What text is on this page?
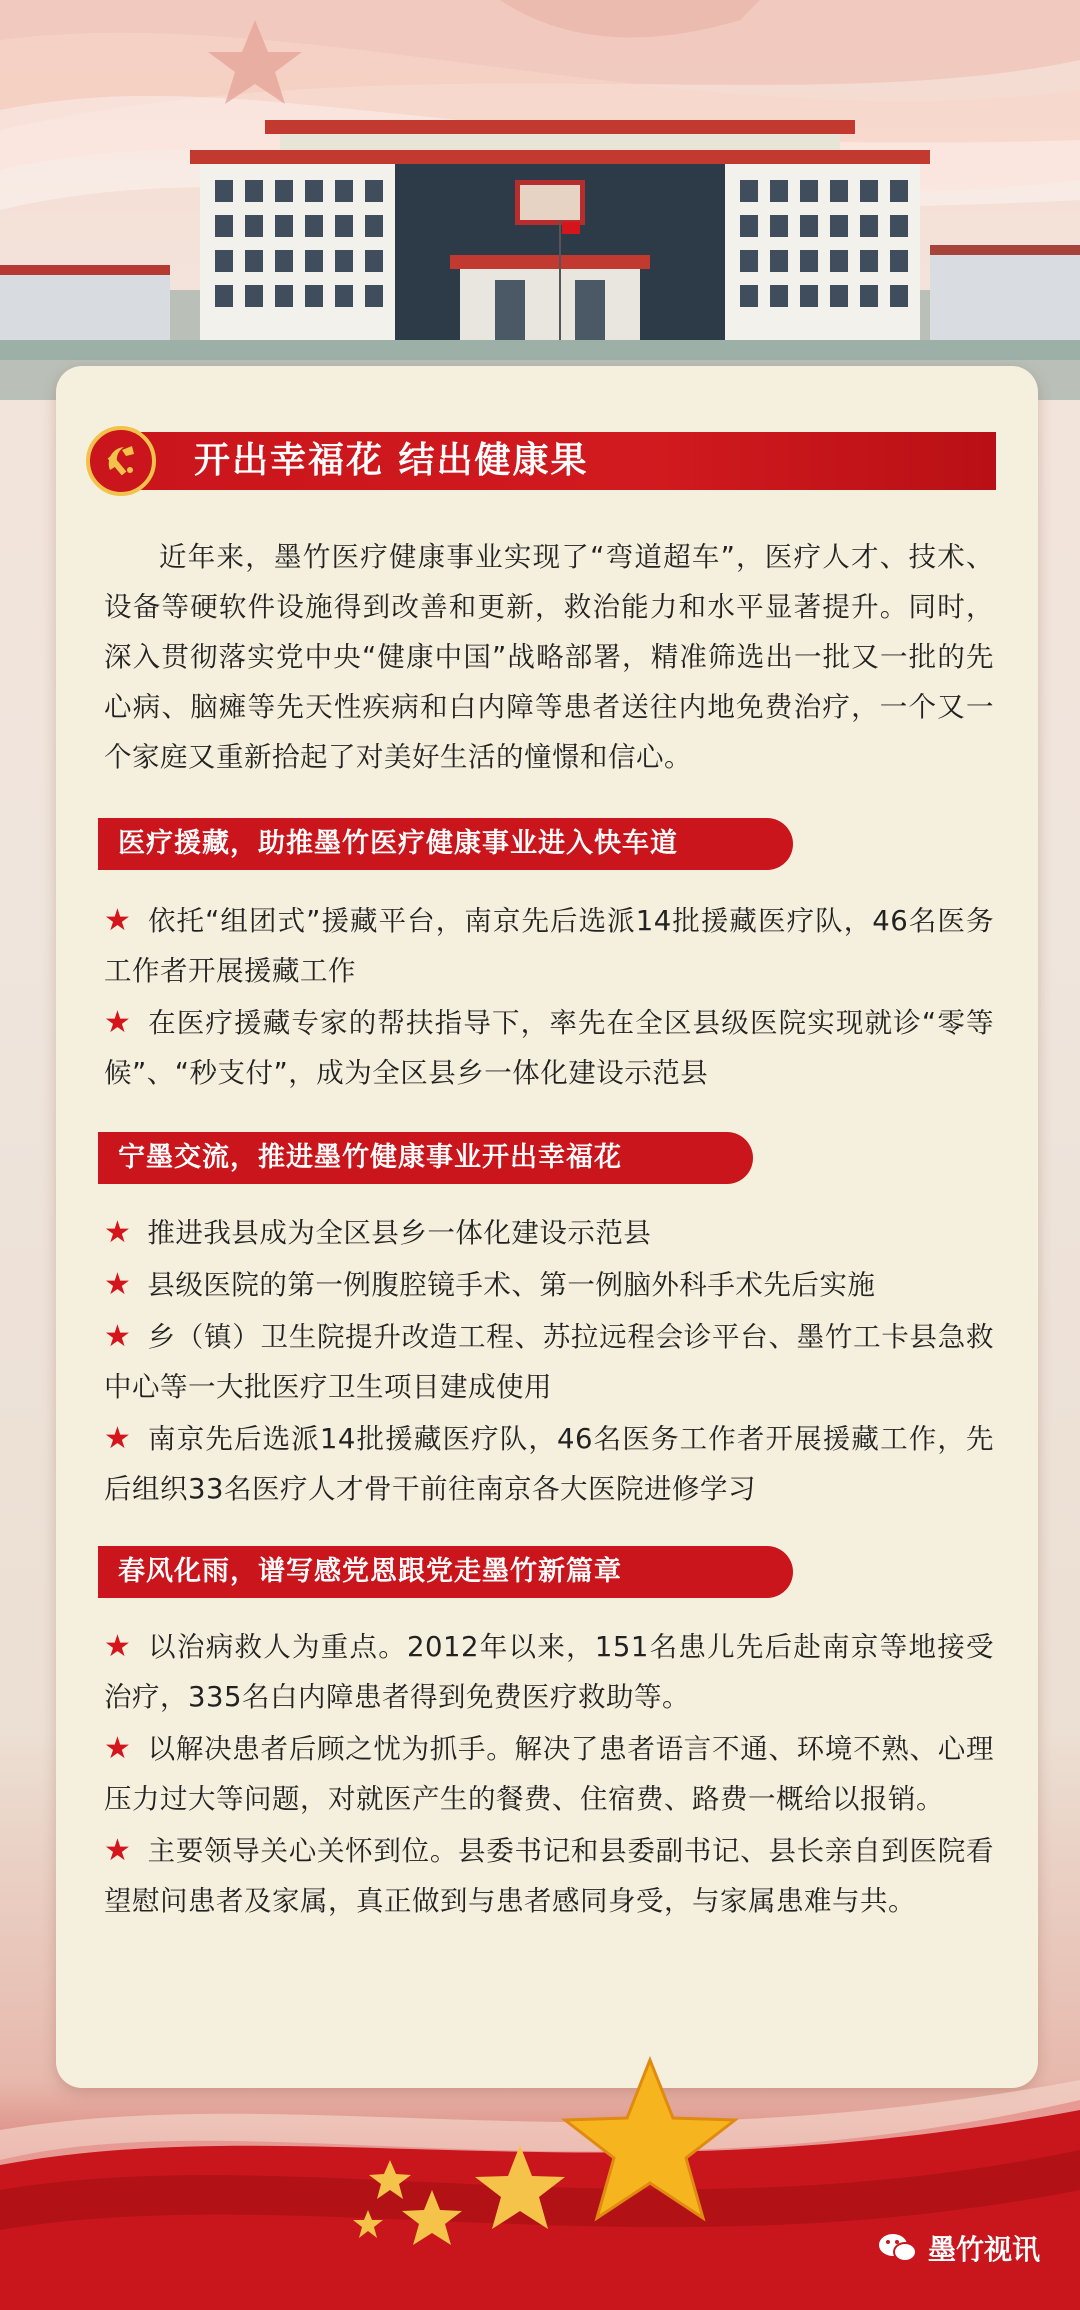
开出幸福花 结出健康果
近年来，墨竹医疗健康事业实现了“弯道超车”，医疗人才、技术、设备等硬软件设施得到改善和更新，救治能力和水平显著提升。同时，深入贯彻落实党中央“健康中国”战略部署，精准筛选出一批又一批的先心病、脑瘫等先天性疾病和白内障等患者送往内地免费治疗，一个又一个家庭又重新拾起了对美好生活的憧憬和信心。
医疗援藏，助推墨竹医疗健康事业进入快车道
★ 依托“组团式”援藏平台，南京先后选派14批援藏医疗队，46名医务工作者开展援藏工作
★ 在医疗援藏专家的帮扶指导下，率先在全区县级医院实现就诊“零等候”、“秒支付”，成为全区县乡一体化建设示范县
宁墨交流，推进墨竹健康事业开出幸福花
★ 推进我县成为全区县乡一体化建设示范县
★ 县级医院的第一例腹腔镜手术、第一例脑外科手术先后实施
★ 乡（镇）卫生院提升改造工程、苏拉远程会诊平台、墨竹工卡县急救中心等一大批医疗卫生项目建成使用
★ 南京先后选派14批援藏医疗队，46名医务工作者开展援藏工作，先后组织33名医疗人才骨干前往南京各大医院进修学习
春风化雨，谱写感党恩跟党走墨竹新篇章
★ 以治病救人为重点。2012年以来，151名患儿先后赴南京等地接受治疗，335名白内障患者得到免费医疗救助等。
★ 以解决患者后顾之忧为抓手。解决了患者语言不通、环境不熟、心理压力过大等问题，对就医产生的餐费、住宿费、路费一概给以报销。
★ 主要领导关心关怀到位。县委书记和县委副书记、县长亲自到医院看望慰问患者及家属，真正做到与患者感同身受，与家属患难与共。
墨竹视讯
